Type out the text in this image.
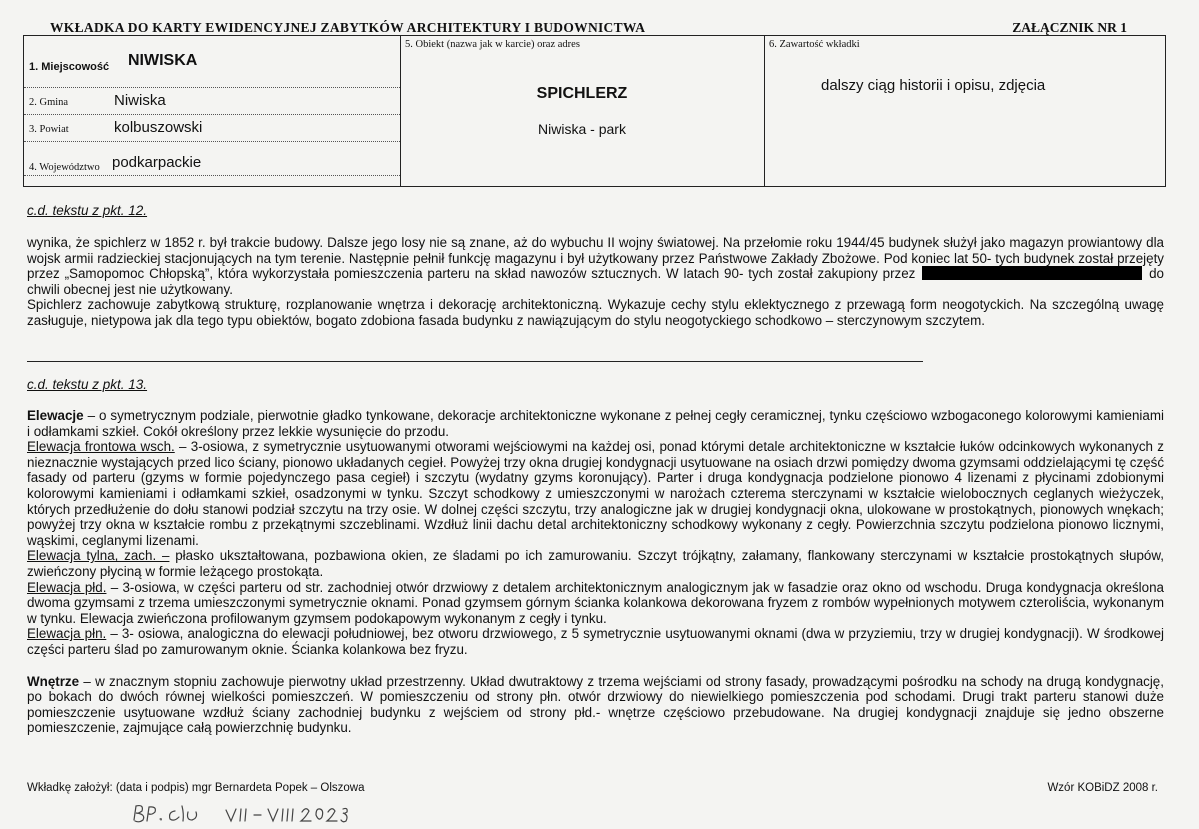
WKŁADKA DO KARTY EWIDENCYJNEJ ZABYTKÓW ARCHITEKTURY I BUDOWNICTWA	ZAŁĄCZNIK NR 1
1. Miejscowość NIWISKA
2. Gmina	Niwiska
3. Powiat	kolbuszowski
4. Województwo podkarpackie
5. Obiekt (nazwa jak w karcie) oraz adres
SPICHLERZ
Niwiska - park
6. Zawartość wkładki
dalszy ciąg historii i opisu, zdjęcia
c.d. tekstu z pkt. 12.

wynika, że spichlerz w 1852 r. był trakcie budowy. Dalsze jego losy nie są znane, aż do wybuchu II wojny światowej. Na przełomie roku 1944/45 budynek służył jako magazyn prowiantowy dla wojsk armii radzieckiej stacjonujących na tym terenie. Następnie pełnił funkcję magazynu i był użytkowany przez Państwowe Zakłady Zbożowe. Pod koniec lat 50- tych budynek został przejęty przez „Samopomoc Chłopską”, która wykorzystała pomieszczenia parteru na skład nawozów sztucznych. W latach 90- tych został zakupiony przez	do chwili obecnej jest nie użytkowany.

Spichlerz zachowuje zabytkową strukturę, rozplanowanie wnętrza i dekorację architektoniczną. Wykazuje cechy stylu eklektycznego z przewagą form neogotyckich. Na szczególną uwagę zasługuje, nietypowa jak dla tego typu obiektów, bogato zdobiona fasada budynku z nawiązującym do stylu neogotyckiego schodkowo – sterczynowym szczytem.

c.d. tekstu z pkt. 13.

Elewacje – o symetrycznym podziale, pierwotnie gładko tynkowane, dekoracje architektoniczne wykonane z pełnej cegły ceramicznej, tynku częściowo wzbogaconego kolorowymi kamieniami i odłamkami szkieł. Cokół określony przez lekkie wysunięcie do przodu.

Elewacja frontowa wsch. – 3-osiowa, z symetrycznie usytuowanymi otworami wejściowymi na każdej osi, ponad którymi detale architektoniczne w kształcie łuków odcinkowych wykonanych z nieznacznie wystających przed lico ściany, pionowo układanych cegieł. Powyżej trzy okna drugiej kondygnacji usytuowane na osiach drzwi pomiędzy dwoma gzymsami oddzielającymi tę część fasady od parteru (gzyms w formie pojedynczego pasa cegieł) i szczytu (wydatny gzyms koronujący). Parter i druga kondygnacja podzielone pionowo 4 lizenami z płycinami zdobionymi kolorowymi kamieniami i odłamkami szkieł, osadzonymi w tynku. Szczyt schodkowy z umieszczonymi w narożach czterema sterczynami w kształcie wielobocznych ceglanych wieżyczek, których przedłużenie do dołu stanowi podział szczytu na trzy osie. W dolnej części szczytu, trzy analogiczne jak w drugiej kondygnacji okna, ulokowane w prostokątnych, pionowych wnękach; powyżej trzy okna w kształcie rombu z przekątnymi szczeblinami. Wzdłuż linii dachu detal architektoniczny schodkowy wykonany z cegły. Powierzchnia szczytu podzielona pionowo licznymi, wąskimi, ceglanymi lizenami.

Elewacja tylna, zach. – płasko ukształtowana, pozbawiona okien, ze śladami po ich zamurowaniu. Szczyt trójkątny, załamany, flankowany sterczynami w kształcie prostokątnych słupów, zwieńczony płyciną w formie leżącego prostokąta.

Elewacja płd. – 3-osiowa, w części parteru od str. zachodniej otwór drzwiowy z detalem architektonicznym analogicznym jak w fasadzie oraz okno od wschodu. Druga kondygnacja określona dwoma gzymsami z trzema umieszczonymi symetrycznie oknami. Ponad gzymsem górnym ścianka kolankowa dekorowana fryzem z rombów wypełnionych motywem czteroliścia, wykonanym w tynku. Elewacja zwieńczona profilowanym gzymsem podokapowym wykonanym z cegły i tynku.

Elewacja płn. – 3- osiowa, analogiczna do elewacji południowej, bez otworu drzwiowego, z 5 symetrycznie usytuowanymi oknami (dwa w przyziemiu, trzy w drugiej kondygnacji). W środkowej części parteru ślad po zamurowanym oknie. Ścianka kolankowa bez fryzu.

Wnętrze – w znacznym stopniu zachowuje pierwotny układ przestrzenny. Układ dwutraktowy z trzema wejściami od strony fasady, prowadzącymi pośrodku na schody na drugą kondygnację, po bokach do dwóch równej wielkości pomieszczeń. W pomieszczeniu od strony płn. otwór drzwiowy do niewielkiego pomieszczenia pod schodami. Drugi trakt parteru stanowi duże pomieszczenie usytuowane wzdłuż ściany zachodniej budynku z wejściem od strony płd.- wnętrze częściowo przebudowane. Na drugiej kondygnacji znajduje się jedno obszerne pomieszczenie, zajmujące całą powierzchnię budynku.

Wkładkę założył: (data i podpis) mgr Bernardeta Popek – Olszowa	Wzór KOBiDZ 2008 r.
